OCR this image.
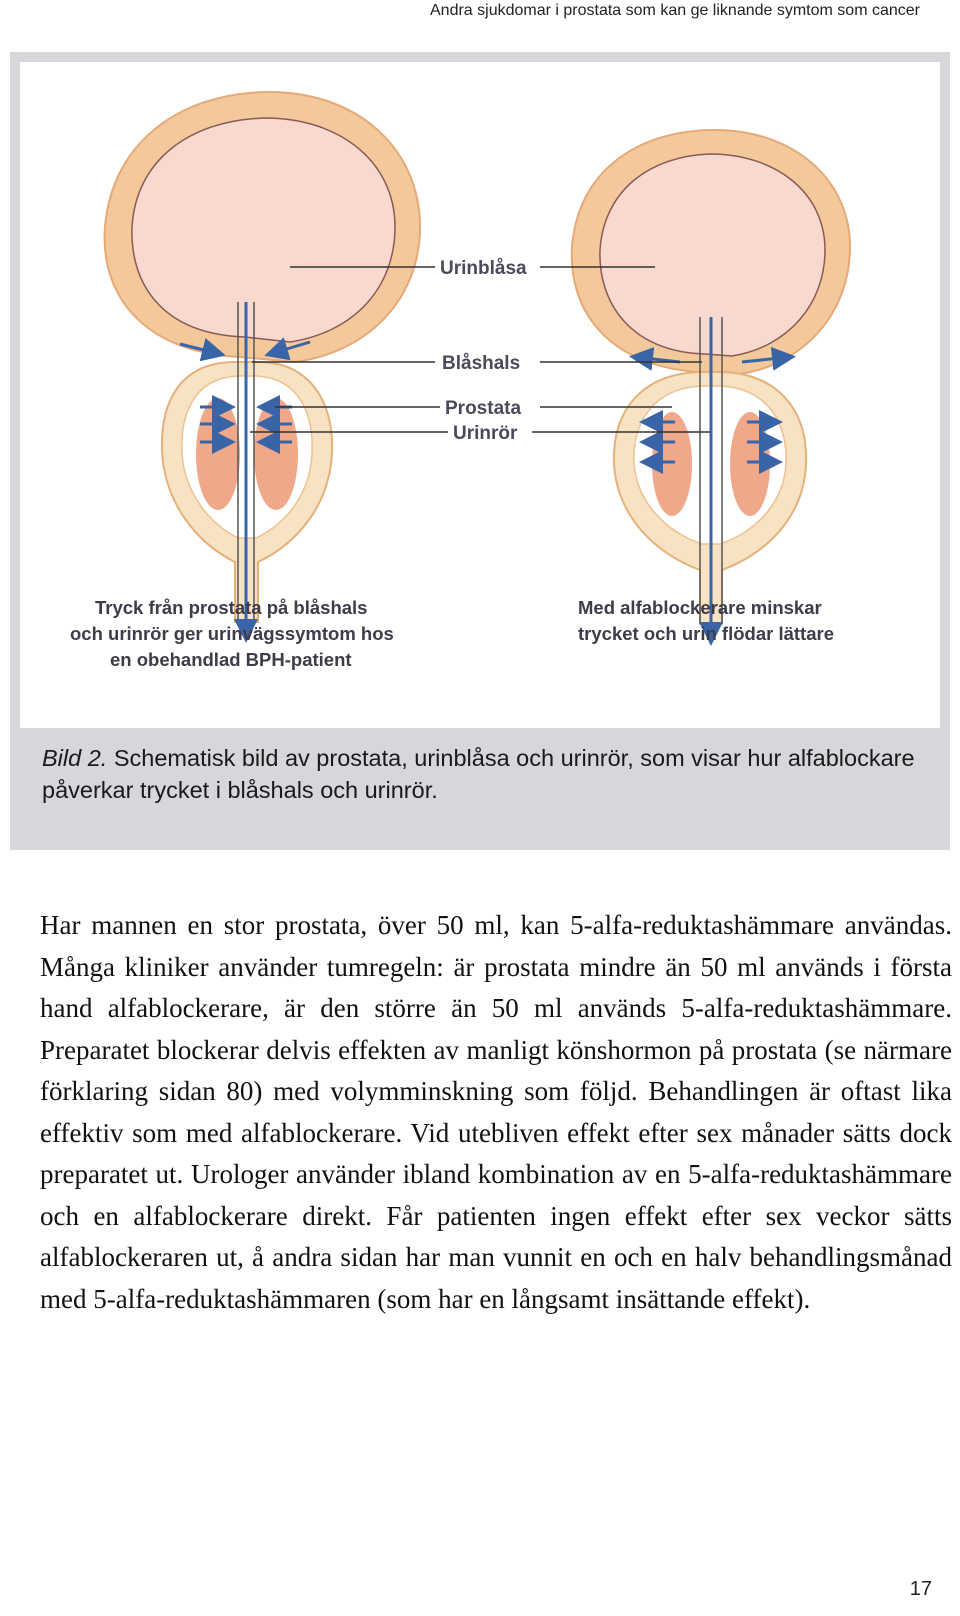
Andra sjukdomar i prostata som kan ge liknande symtom som cancer
Urinblåsa
Blåshals
Prostata
Urinrör
Tryck från prostata på blåshals
och urinrör ger urinvägssymtom hos
en obehandlad BPH-patient
Med alfablockerare minskar
trycket och urin flödar lättare
Bild 2. Schematisk bild av prostata, urinblåsa och urinrör, som visar hur alfablockare påverkar trycket i blåshals och urinrör.

Har mannen en stor prostata, över 50 ml, kan 5-alfa-reduktashämmare användas. Många kliniker använder tumregeln: är prostata mindre än 50 ml används i första hand alfablockerare, är den större än 50 ml används 5-alfa-reduktashämmare. Preparatet blockerar delvis effekten av manligt könshormon på prostata (se närmare förklaring sidan 80) med volymminskning som följd. Behandlingen är oftast lika effektiv som med alfablockerare. Vid utebliven effekt efter sex månader sätts dock preparatet ut. Urologer använder ibland kombination av en 5-alfa-reduktashämmare och en alfablockerare direkt. Får patienten ingen effekt efter sex veckor sätts alfablockeraren ut, å andra sidan har man vunnit en och en halv behandlingsmånad med 5-alfa-reduktashämmaren (som har en långsamt insättande effekt).

17
